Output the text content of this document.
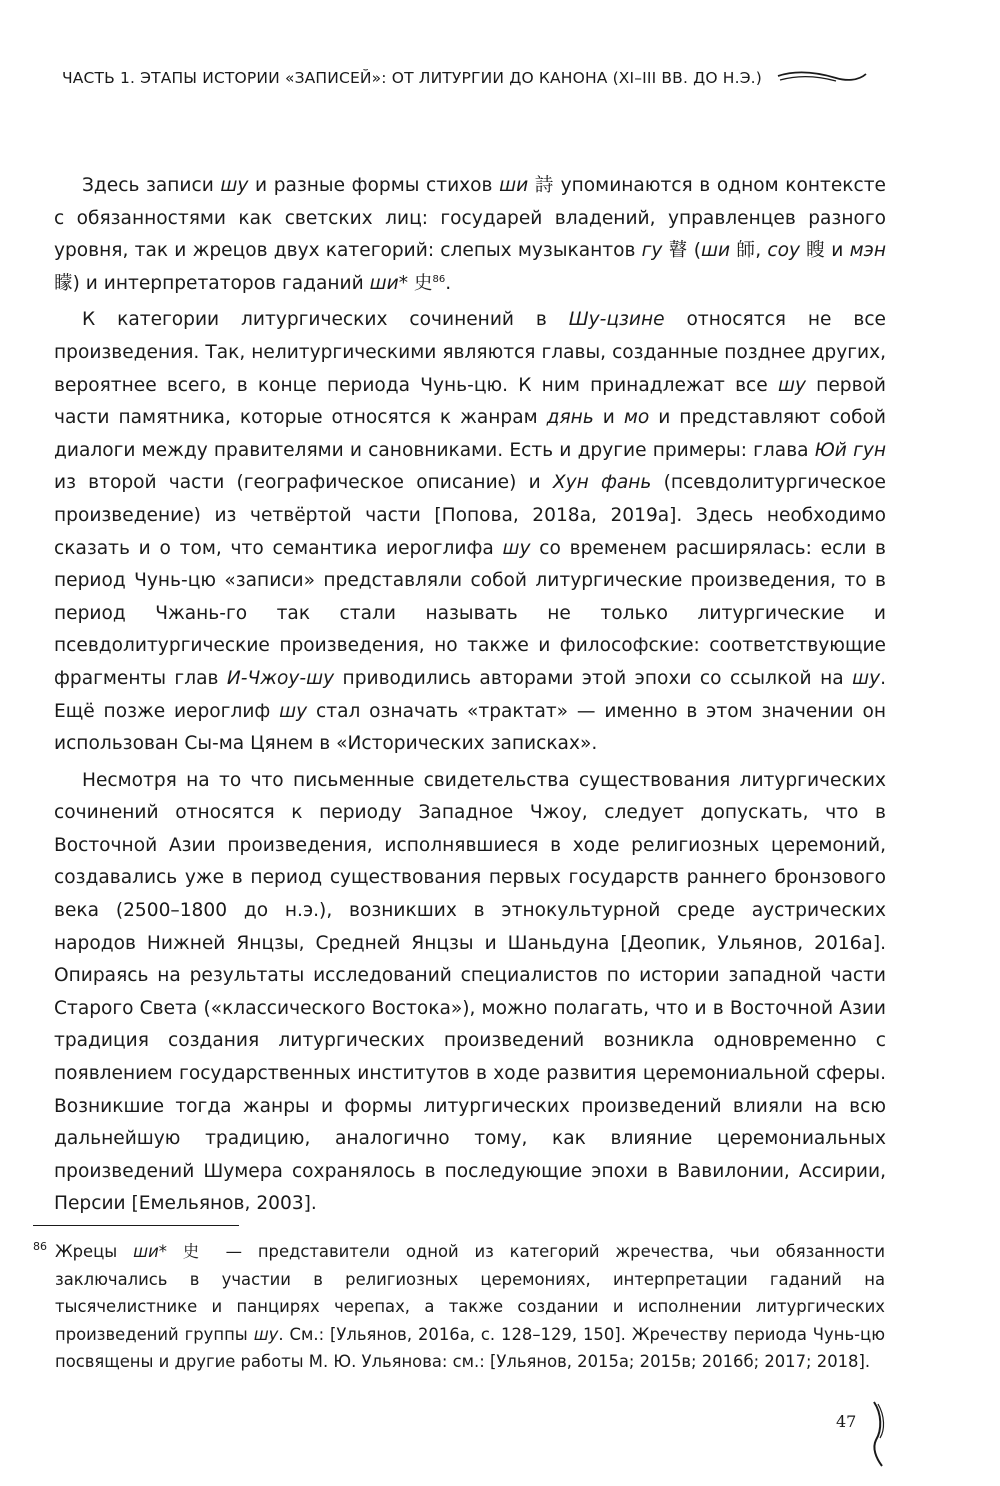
ЧАСТЬ 1. ЭТАПЫ ИСТОРИИ «ЗАПИСЕЙ»: ОТ ЛИТУРГИИ ДО КАНОНА (XI–III ВВ. ДО Н.Э.)

Здесь записи шу и разные формы стихов ши 詩 упоминаются в одном контексте с обязанностями как светских лиц: государей владений, управленцев разного уровня, так и жрецов двух категорий: слепых музыкантов гу 瞽 (ши 師, соу 瞍 и мэн 矇) и интерпретаторов гаданий ши* 史$^{86}$.

К категории литургических сочинений в Шу-цзине относятся не все произведения. Так, нелитургическими являются главы, созданные позднее других, вероятнее всего, в конце периода Чунь-цю. К ним принадлежат все шу первой части памятника, которые относятся к жанрам дянь и мо и представляют собой диалоги между правителями и сановниками. Есть и другие примеры: глава Юй гун из второй части (географическое описание) и Хун фань (псевдолитургическое произведение) из четвёртой части [Попова, 2018a, 2019a]. Здесь необходимо сказать и о том, что семантика иероглифа шу со временем расширялась: если в период Чунь-цю «записи» представляли собой литургические произведения, то в период Чжань-го так стали называть не только литургические и псевдолитургические произведения, но также и философские: соответствующие фрагменты глав И-Чжоу-шу приводились авторами этой эпохи со ссылкой на шу. Ещё позже иероглиф шу стал означать «трактат» — именно в этом значении он использован Сы-ма Цянем в «Исторических записках».

Несмотря на то что письменные свидетельства существования литургических сочинений относятся к периоду Западное Чжоу, следует допускать, что в Восточной Азии произведения, исполнявшиеся в ходе религиозных церемоний, создавались уже в период существования первых государств раннего бронзового века (2500–1800 до н.э.), возникших в этнокультурной среде аустрических народов Нижней Янцзы, Средней Янцзы и Шаньдуна [Деопик, Ульянов, 2016a]. Опираясь на результаты исследований специалистов по истории западной части Старого Света («классического Востока»), можно полагать, что и в Восточной Азии традиция создания литургических произведений возникла одновременно с появлением государственных институтов в ходе развития церемониальной сферы. Возникшие тогда жанры и формы литургических произведений влияли на всю дальнейшую традицию, аналогично тому, как влияние церемониальных произведений Шумера сохранялось в последующие эпохи в Вавилонии, Ассирии, Персии [Емельянов, 2003].

86 Жрецы ши* 史 — представители одной из категорий жречества, чьи обязанности заключались в участии в религиозных церемониях, интерпретации гаданий на тысячелистнике и панцирях черепах, а также создании и исполнении литургических произведений группы шу. См.: [Ульянов, 2016a, с. 128–129, 150]. Жречеству периода Чунь-цю посвящены и другие работы М. Ю. Ульянова: см.: [Ульянов, 2015a; 2015в; 2016б; 2017; 2018].
47
